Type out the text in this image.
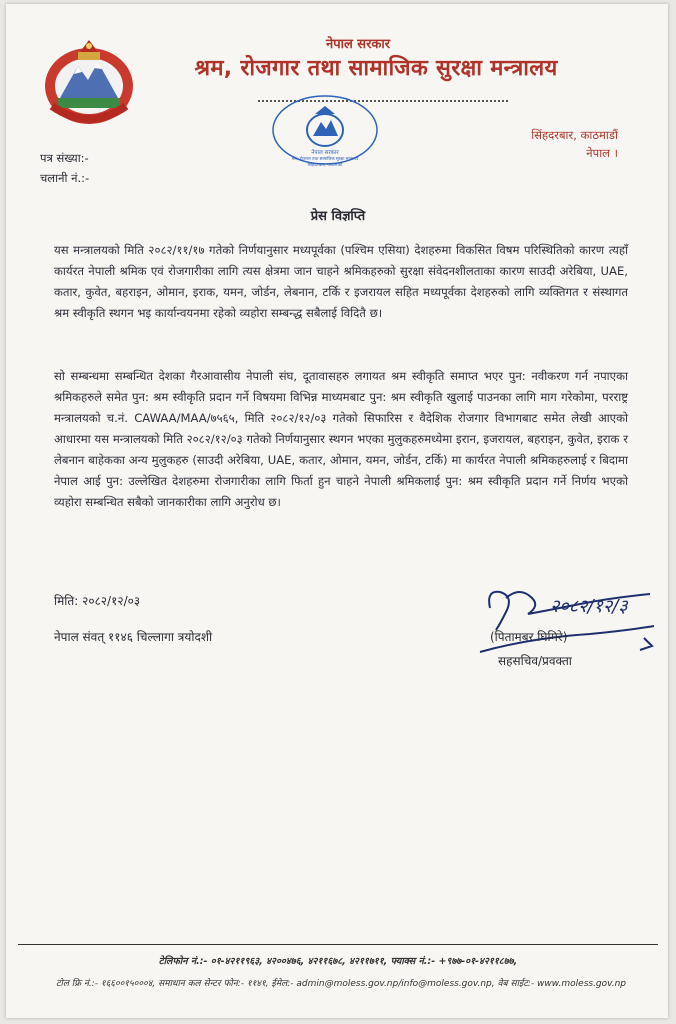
नेपाल सरकार
श्रम, रोजगार तथा सामाजिक सुरक्षा मन्त्रालय
नेपाल सरकार
श्रम, रोजगार तथा सामाजिक सुरक्षा मन्त्रालय
सिंहदरबार, काठमाडौं
पत्र संख्या:-
चलानी नं.:-
सिंहदरबार, काठमाडौं
नेपाल ।
प्रेस विज्ञप्ति
यस मन्त्रालयको मिति २०८२/११/१७ गतेको निर्णयानुसार मध्यपूर्वका (पश्चिम एसिया) देशहरुमा विकसित विषम परिस्थितिको कारण त्यहाँ कार्यरत नेपाली श्रमिक एवं रोजगारीका लागि त्यस क्षेत्रमा जान चाहने श्रमिकहरुको सुरक्षा संवेदनशीलताका कारण साउदी अरेबिया, UAE, कतार, कुवेत, बहराइन, ओमान, इराक, यमन, जोर्डन, लेबनान, टर्कि र इजरायल सहित मध्यपूर्वका देशहरुको लागि व्यक्तिगत र संस्थागत श्रम स्वीकृति स्थगन भइ कार्यान्वयनमा रहेको व्यहोरा सम्बन्द्ध सबैलाई विदितै छ।
सो सम्बन्धमा सम्बन्धित देशका गैरआवासीय नेपाली संघ, दूतावासहरु लगायत श्रम स्वीकृति समाप्त भएर पुन: नवीकरण गर्न नपाएका श्रमिकहरुले समेत पुन: श्रम स्वीकृति प्रदान गर्ने विषयमा विभिन्न माध्यमबाट पुन: श्रम स्वीकृति खुलाई पाउनका लागि माग गरेकोमा, परराष्ट्र मन्त्रालयको च.नं. CAWAA/MAA/७५६५, मिति २०८२/१२/०३ गतेको सिफारिस र वैदेशिक रोजगार विभागबाट समेत लेखी आएको आधारमा यस मन्त्रालयको मिति २०८२/१२/०३ गतेको निर्णयानुसार स्थगन भएका मुलुकहरुमध्येमा इरान, इजरायल, बहराइन, कुवेत, इराक र लेबनान बाहेकका अन्य मुलुकहरु (साउदी अरेबिया, UAE, कतार, ओमान, यमन, जोर्डन, टर्कि) मा कार्यरत नेपाली श्रमिकहरुलाई र बिदामा नेपाल आई पुन: उल्लेखित देशहरुमा रोजगारीका लागि फिर्ता हुन चाहने नेपाली श्रमिकलाई पुन: श्रम स्वीकृति प्रदान गर्ने निर्णय भएको व्यहोरा सम्बन्धित सबैको जानकारीका लागि अनुरोध छ।
मिति: २०८२/१२/०३
नेपाल संवत् ११४६ चिल्लागा त्रयोदशी
२०८२/१२/३
(पितामबर घिमिरे)
सहसचिव/प्रवक्ता
टेलिफोन नं.:- ०१-४२११९६३, ४२००४७६, ४२११६७८, ४२११७११, फ्याक्स नं.:- +९७७-०१-४२११८७७,
टोल फ्रि नं.:- १६६००१५०००४, समाधान कल सेन्टर फोन:- ११४१, ईमेल:- admin@moless.gov.np/info@moless.gov.np, वेब साईट:- www.moless.gov.np
